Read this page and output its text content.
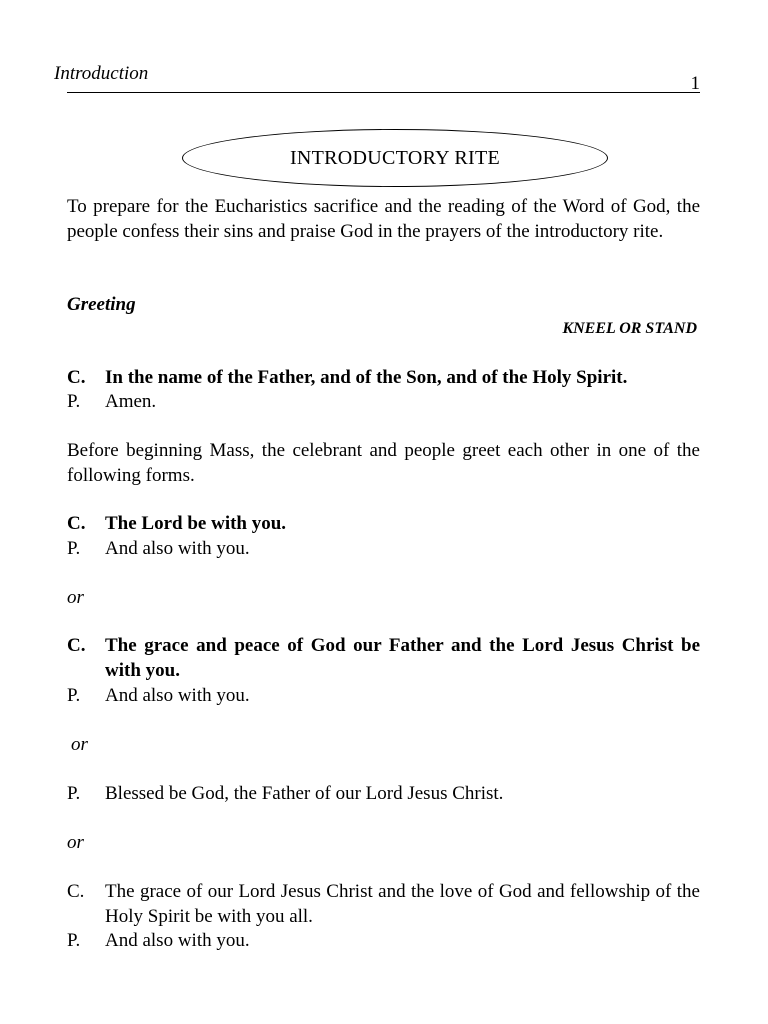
Introduction	1
INTRODUCTORY RITE
To prepare for the Eucharistics sacrifice and the reading of the Word of God, the people confess their sins and praise God in the prayers of the introductory rite.
Greeting
KNEEL OR STAND
C.	In the name of the Father, and of the Son, and of the Holy Spirit.
P.	Amen.
Before beginning Mass, the celebrant and people greet each other in one of the following forms.
C.	The Lord be with you.
P.	And also with you.
or
C.	The grace and peace of God our Father and the Lord Jesus Christ be with you.
P.	And also with you.
or
P.	Blessed be God, the Father of our Lord Jesus Christ.
or
C.	The grace of our Lord Jesus Christ and the love of God and fellowship of the Holy Spirit be with you all.
P.	And also with you.
